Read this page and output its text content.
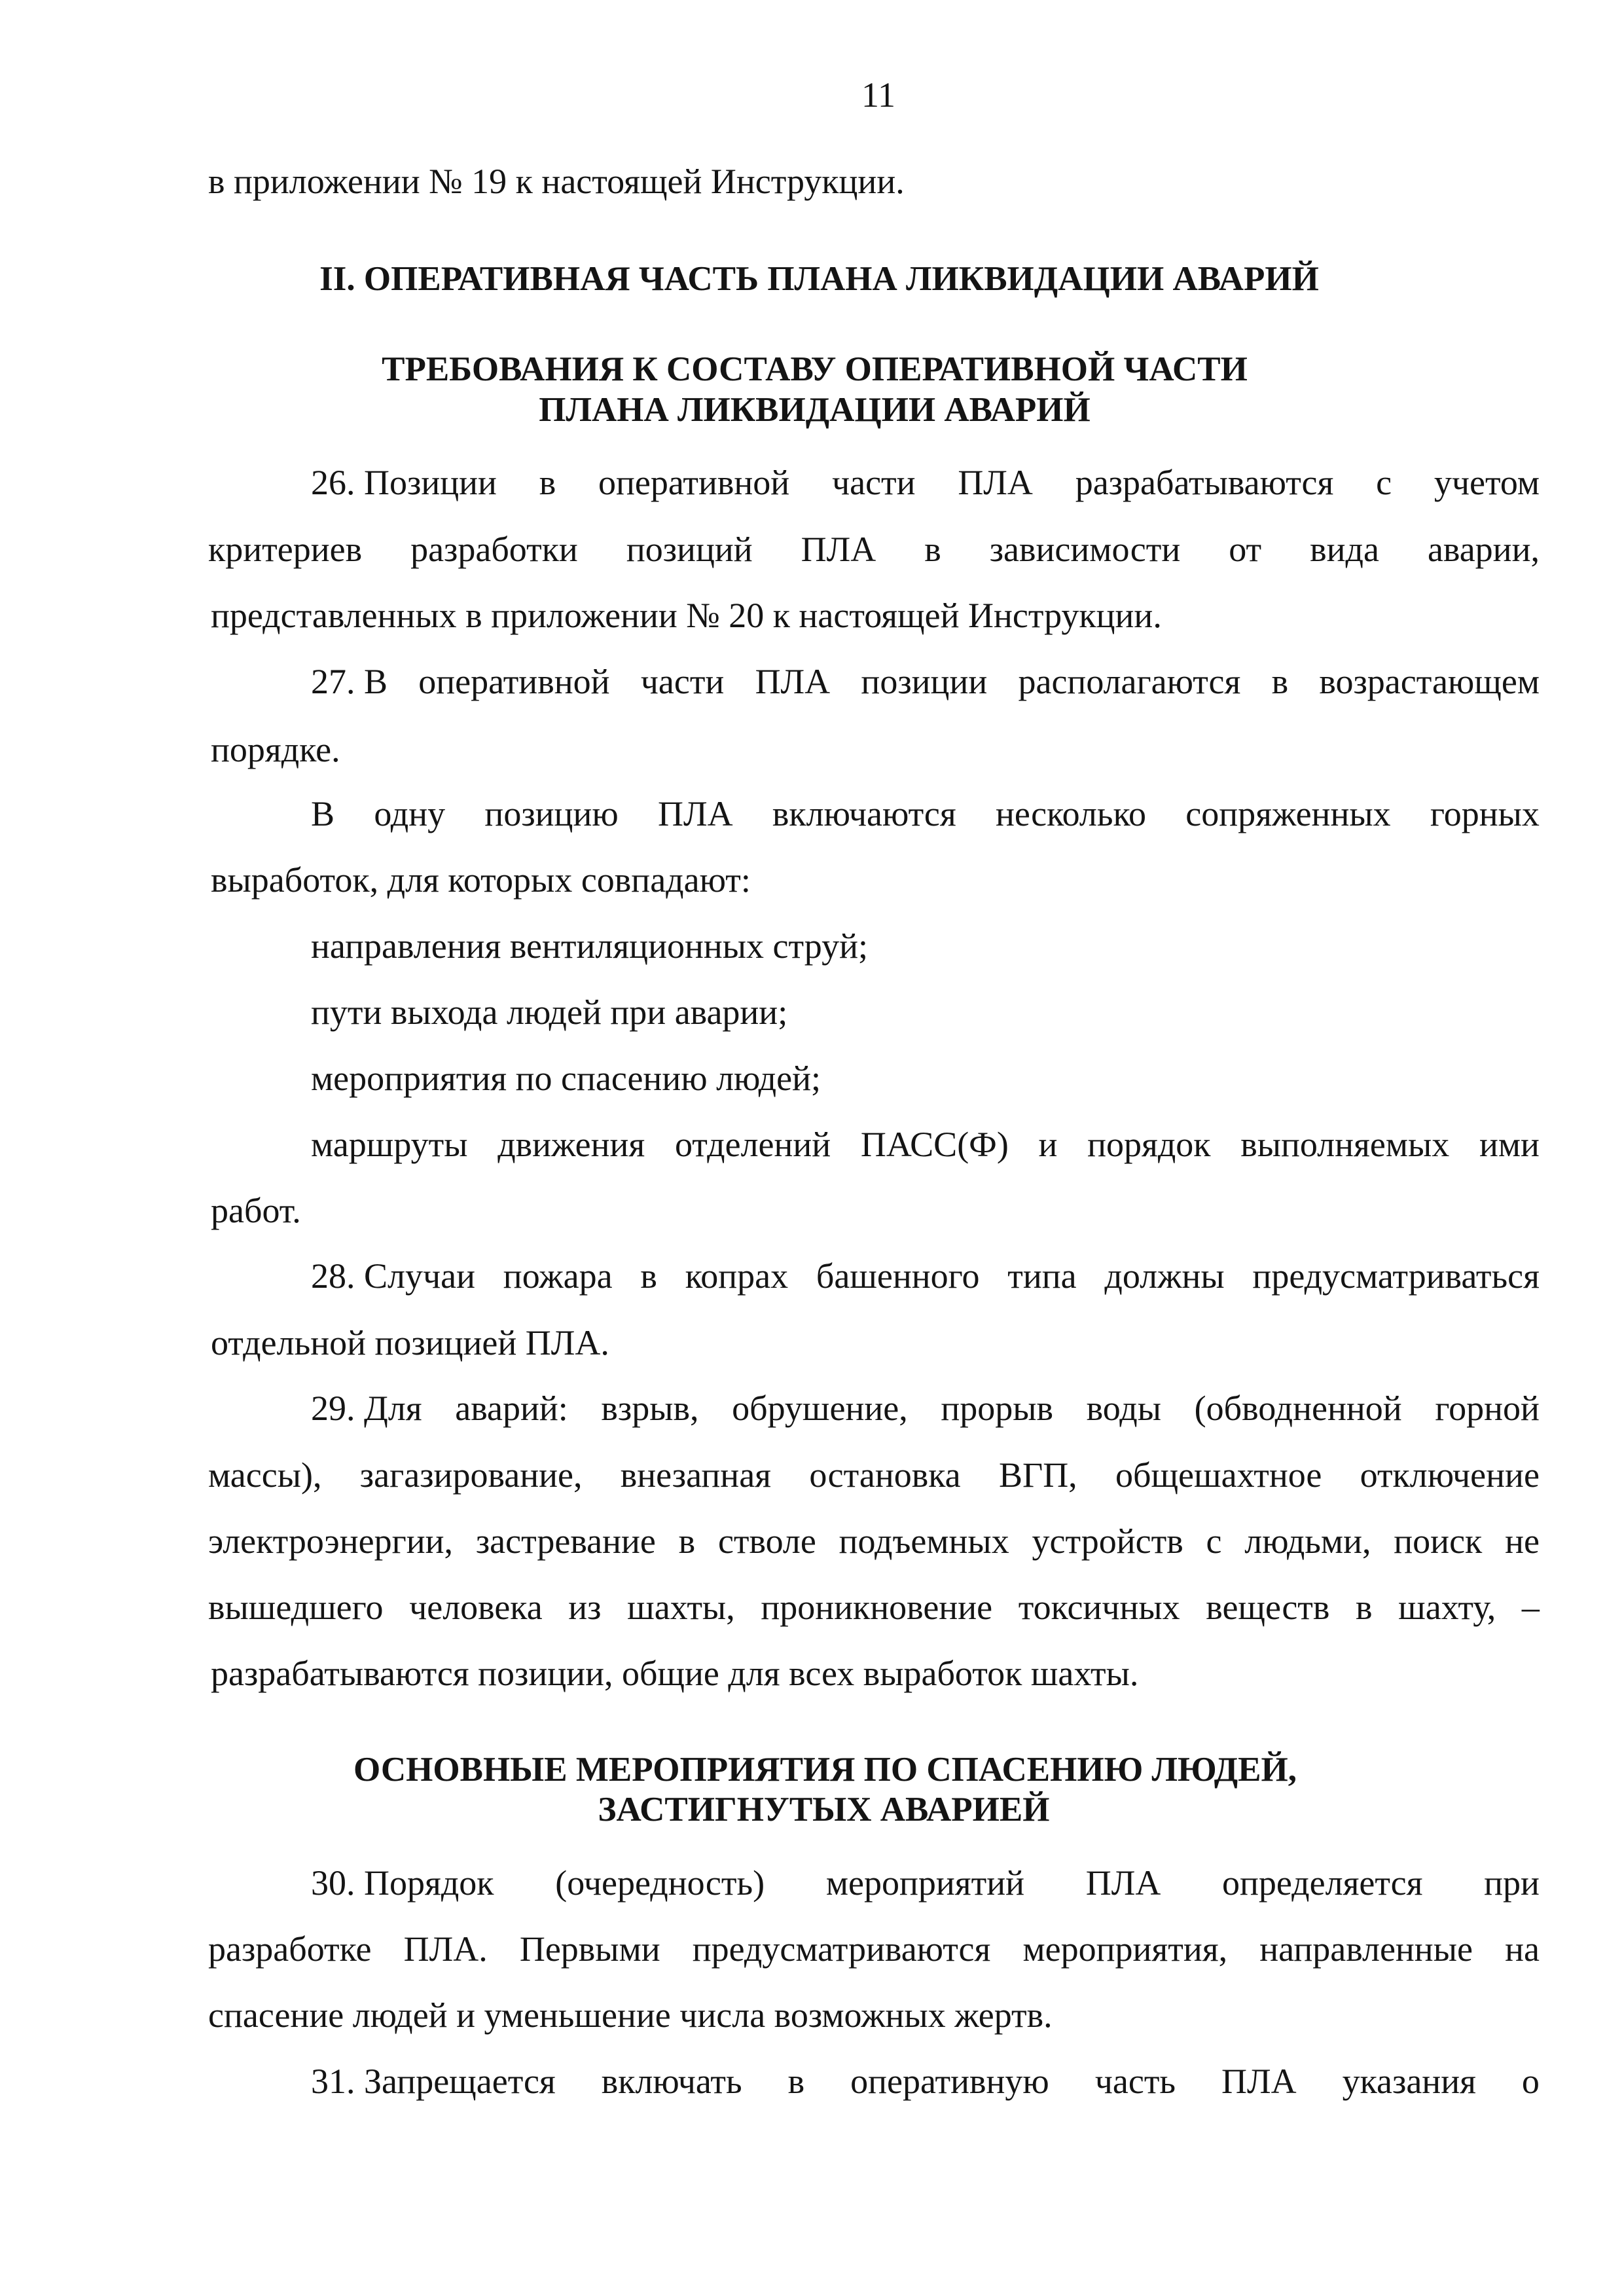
11
в приложении № 19 к настоящей Инструкции.
II. ОПЕРАТИВНАЯ ЧАСТЬ ПЛАНА ЛИКВИДАЦИИ АВАРИЙ
ТРЕБОВАНИЯ К СОСТАВУ ОПЕРАТИВНОЙ ЧАСТИ
ПЛАНА ЛИКВИДАЦИИ АВАРИЙ
26. Позиции в оперативной части ПЛА разрабатываются с учетом
критериев разработки позиций ПЛА в зависимости от вида аварии,
представленных в приложении № 20 к настоящей Инструкции.
27. В оперативной части ПЛА позиции располагаются в возрастающем
порядке.
В одну позицию ПЛА включаются несколько сопряженных горных
выработок, для которых совпадают:
направления вентиляционных струй;
пути выхода людей при аварии;
мероприятия по спасению людей;
маршруты движения отделений ПАСС(Ф) и порядок выполняемых ими
работ.
28. Случаи пожара в копрах башенного типа должны предусматриваться
отдельной позицией ПЛА.
29. Для аварий: взрыв, обрушение, прорыв воды (обводненной горной
массы), загазирование, внезапная остановка ВГП, общешахтное отключение
электроэнергии, застревание в стволе подъемных устройств с людьми, поиск не
вышедшего человека из шахты, проникновение токсичных веществ в шахту, –
разрабатываются позиции, общие для всех выработок шахты.
ОСНОВНЫЕ МЕРОПРИЯТИЯ ПО СПАСЕНИЮ ЛЮДЕЙ,
ЗАСТИГНУТЫХ АВАРИЕЙ
30. Порядок (очередность) мероприятий ПЛА определяется при
разработке ПЛА. Первыми предусматриваются мероприятия, направленные на
спасение людей и уменьшение числа возможных жертв.
31. Запрещается включать в оперативную часть ПЛА указания о
